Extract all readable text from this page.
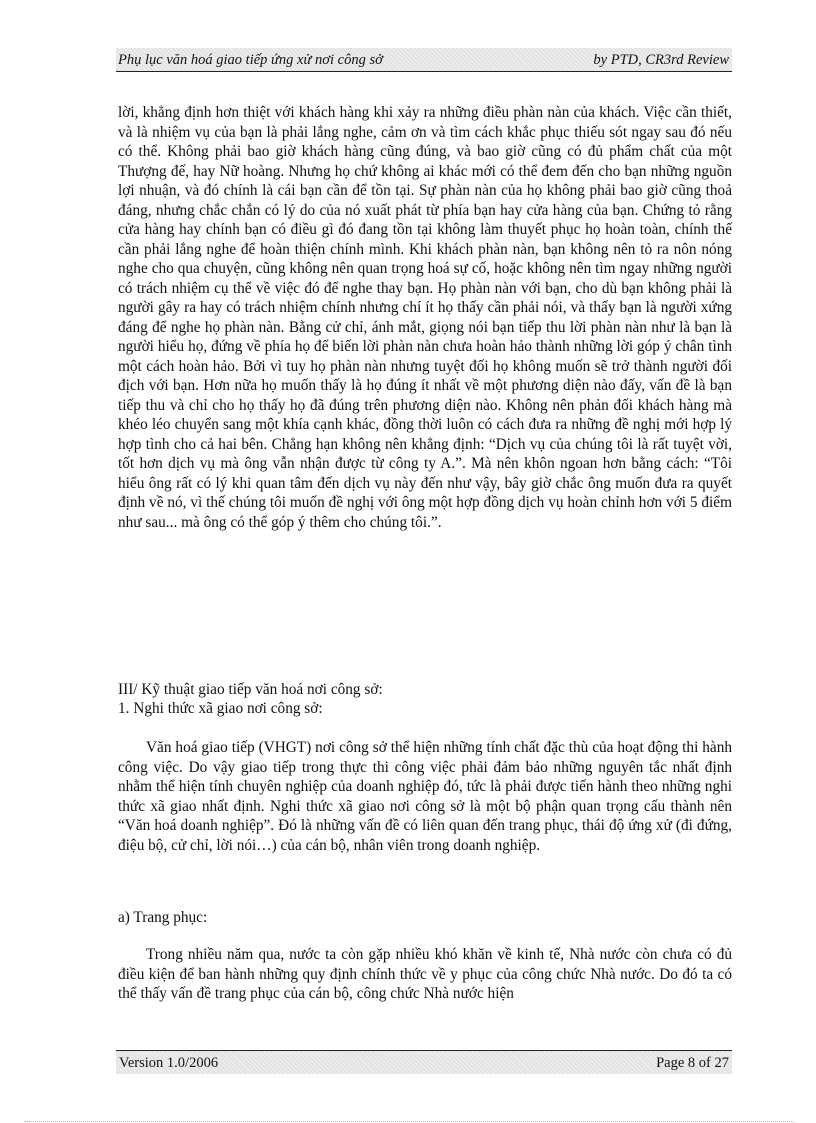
Phụ lục văn hoá giao tiếp ứng xử nơi công sở	by PTD, CR3rd Review

lời, khẳng định hơn thiệt với khách hàng khi xảy ra những điều phàn nàn của khách. Việc cần thiết, và là nhiệm vụ của bạn là phải lắng nghe, cảm ơn và tìm cách khắc phục thiếu sót ngay sau đó nếu có thể. Không phải bao giờ khách hàng cũng đúng, và bao giờ cũng có đủ phẩm chất của một Thượng đế, hay Nữ hoàng. Nhưng họ chứ không ai khác mới có thể đem đến cho bạn những nguồn lợi nhuận, và đó chính là cái bạn cần để tồn tại. Sự phàn nàn của họ không phải bao giờ cũng thoả đáng, nhưng chắc chắn có lý do của nó xuất phát từ phía bạn hay cửa hàng của bạn. Chứng tỏ rằng cửa hàng hay chính bạn có điều gì đó đang tồn tại không làm thuyết phục họ hoàn toàn, chính thế cần phải lắng nghe để hoàn thiện chính mình. Khi khách phàn nàn, bạn không nên tỏ ra nôn nóng nghe cho qua chuyện, cũng không nên quan trọng hoá sự cố, hoặc không nên tìm ngay những người có trách nhiệm cụ thể về việc đó để nghe thay bạn. Họ phàn nàn với bạn, cho dù bạn không phải là người gây ra hay có trách nhiệm chính nhưng chí ít họ thấy cần phải nói, và thấy bạn là người xứng đáng để nghe họ phàn nàn. Bằng cử chỉ, ánh mắt, giọng nói bạn tiếp thu lời phàn nàn như là bạn là người hiểu họ, đứng về phía họ để biến lời phàn nàn chưa hoàn hảo thành những lời góp ý chân tình một cách hoàn hảo. Bởi vì tuy họ phàn nàn nhưng tuyệt đối họ không muốn sẽ trở thành người đối địch với bạn. Hơn nữa họ muốn thấy là họ đúng ít nhất về một phương diện nào đấy, vấn đề là bạn tiếp thu và chỉ cho họ thấy họ đã đúng trên phương diện nào. Không nên phản đối khách hàng mà khéo léo chuyển sang một khía cạnh khác, đồng thời luôn có cách đưa ra những đề nghị mới hợp lý hợp tình cho cả hai bên. Chẳng hạn không nên khẳng định: “Dịch vụ của chúng tôi là rất tuyệt vời, tốt hơn dịch vụ mà ông vẫn nhận được từ công ty A.”. Mà nên khôn ngoan hơn bằng cách: “Tôi hiểu ông rất có lý khi quan tâm đến dịch vụ này đến như vậy, bây giờ chắc ông muốn đưa ra quyết định về nó, vì thế chúng tôi muốn đề nghị với ông một hợp đồng dịch vụ hoàn chỉnh hơn với 5 điểm như sau... mà ông có thể góp ý thêm cho chúng tôi.”.

III/ Kỹ thuật giao tiếp văn hoá nơi công sở:
1. Nghi thức xã giao nơi công sở:

Văn hoá giao tiếp (VHGT) nơi công sở thể hiện những tính chất đặc thù của hoạt động thi hành công việc. Do vậy giao tiếp trong thực thi công việc phải đảm bảo những nguyên tắc nhất định nhằm thể hiện tính chuyên nghiệp của doanh nghiệp đó, tức là phải được tiến hành theo những nghi thức xã giao nhất định. Nghi thức xã giao nơi công sở là một bộ phận quan trọng cấu thành nên “Văn hoá doanh nghiệp”. Đó là những vấn đề có liên quan đến trang phục, thái độ ứng xử (đi đứng, điệu bộ, cử chỉ, lời nói…) của cán bộ, nhân viên trong doanh nghiệp.

a) Trang phục:

Trong nhiều năm qua, nước ta còn gặp nhiều khó khăn về kinh tế, Nhà nước còn chưa có đủ điều kiện để ban hành những quy định chính thức về y phục của công chức Nhà nước. Do đó ta có thể thấy vấn đề trang phục của cán bộ, công chức Nhà nước hiện

Version 1.0/2006	Page 8 of 27
